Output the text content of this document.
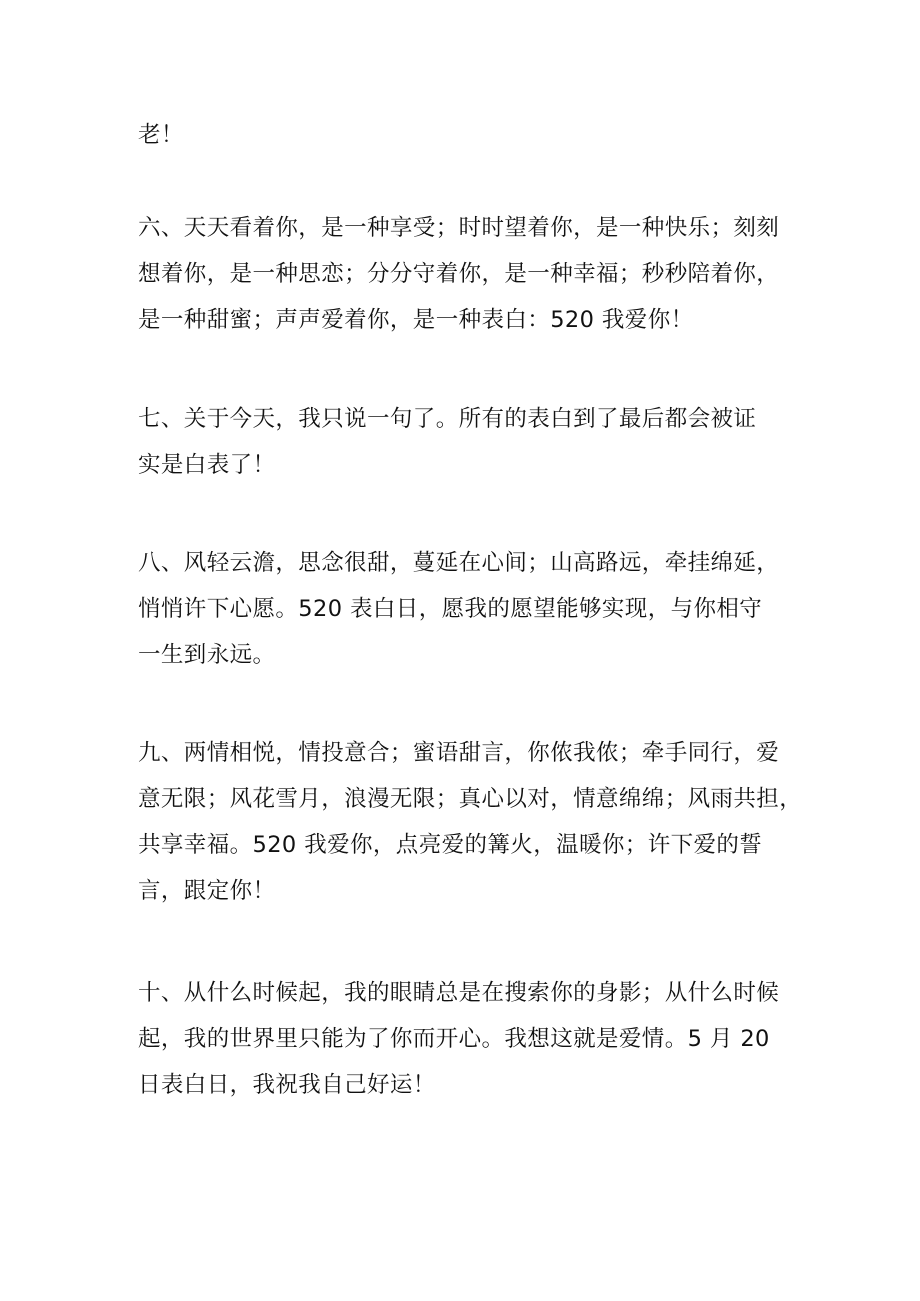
老！

六、天天看着你，是一种享受；时时望着你，是一种快乐；刻刻
想着你，是一种思恋；分分守着你，是一种幸福；秒秒陪着你，
是一种甜蜜；声声爱着你，是一种表白：520 我爱你！

七、关于今天，我只说一句了。所有的表白到了最后都会被证
实是白表了！

八、风轻云澹，思念很甜，蔓延在心间；山高路远，牵挂绵延，
悄悄许下心愿。520 表白日，愿我的愿望能够实现，与你相守
一生到永远。

九、两情相悦，情投意合；蜜语甜言，你侬我侬；牵手同行，爱
意无限；风花雪月，浪漫无限；真心以对，情意绵绵；风雨共担，
共享幸福。520 我爱你，点亮爱的篝火，温暖你；许下爱的誓
言，跟定你！

十、从什么时候起，我的眼睛总是在搜索你的身影；从什么时候
起，我的世界里只能为了你而开心。我想这就是爱情。5 月 20
日表白日，我祝我自己好运！
